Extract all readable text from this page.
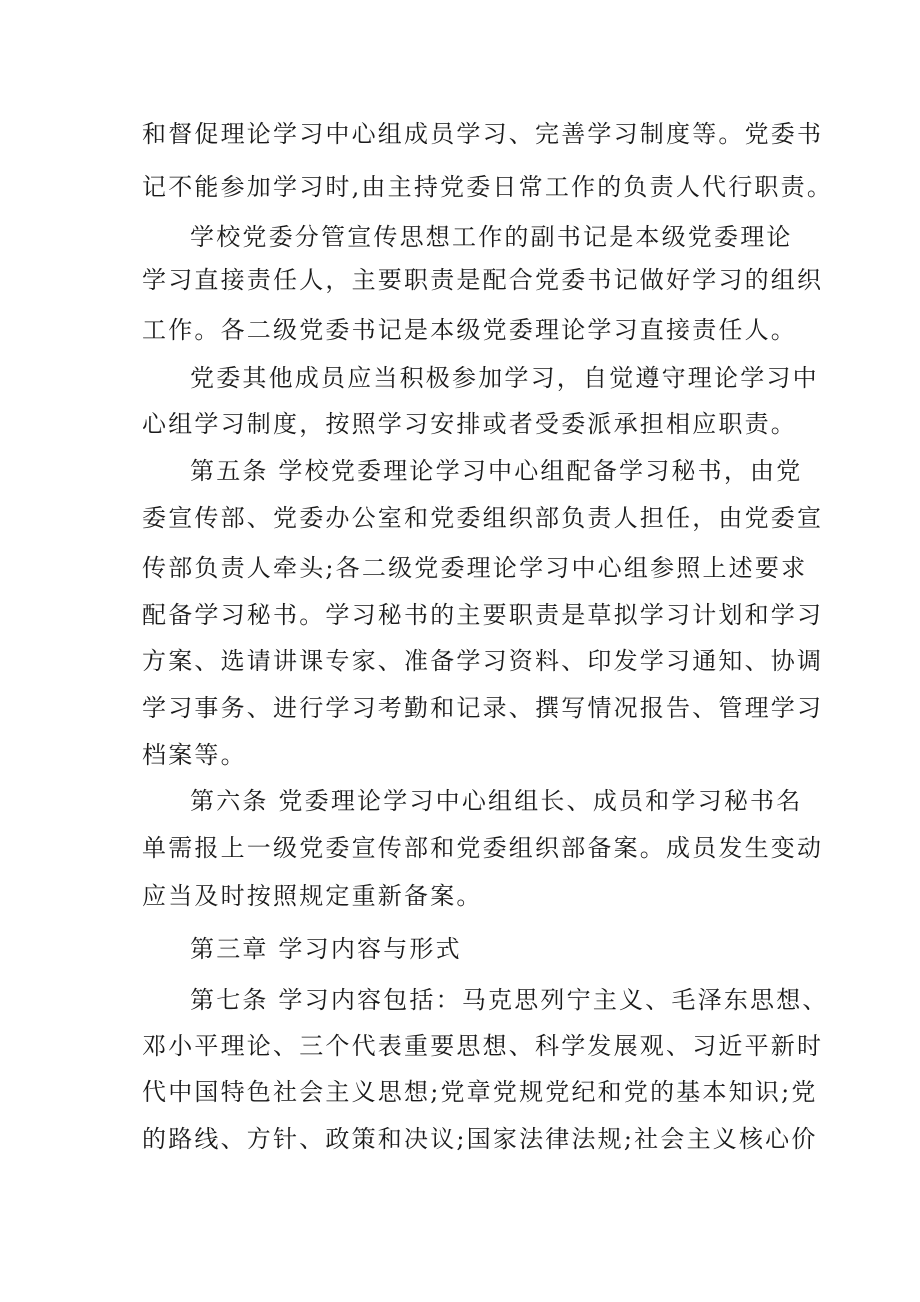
和督促理论学习中心组成员学习、完善学习制度等。党委书
记不能参加学习时,由主持党委日常工作的负责人代行职责。
学校党委分管宣传思想工作的副书记是本级党委理论
学习直接责任人，主要职责是配合党委书记做好学习的组织
工作。各二级党委书记是本级党委理论学习直接责任人。
党委其他成员应当积极参加学习，自觉遵守理论学习中
心组学习制度，按照学习安排或者受委派承担相应职责。
第五条 学校党委理论学习中心组配备学习秘书，由党
委宣传部、党委办公室和党委组织部负责人担任，由党委宣
传部负责人牵头;各二级党委理论学习中心组参照上述要求
配备学习秘书。学习秘书的主要职责是草拟学习计划和学习
方案、选请讲课专家、准备学习资料、印发学习通知、协调
学习事务、进行学习考勤和记录、撰写情况报告、管理学习
档案等。
第六条 党委理论学习中心组组长、成员和学习秘书名
单需报上一级党委宣传部和党委组织部备案。成员发生变动
应当及时按照规定重新备案。
第三章 学习内容与形式
第七条 学习内容包括：马克思列宁主义、毛泽东思想、
邓小平理论、三个代表重要思想、科学发展观、习近平新时
代中国特色社会主义思想;党章党规党纪和党的基本知识;党
的路线、方针、政策和决议;国家法律法规;社会主义核心价
